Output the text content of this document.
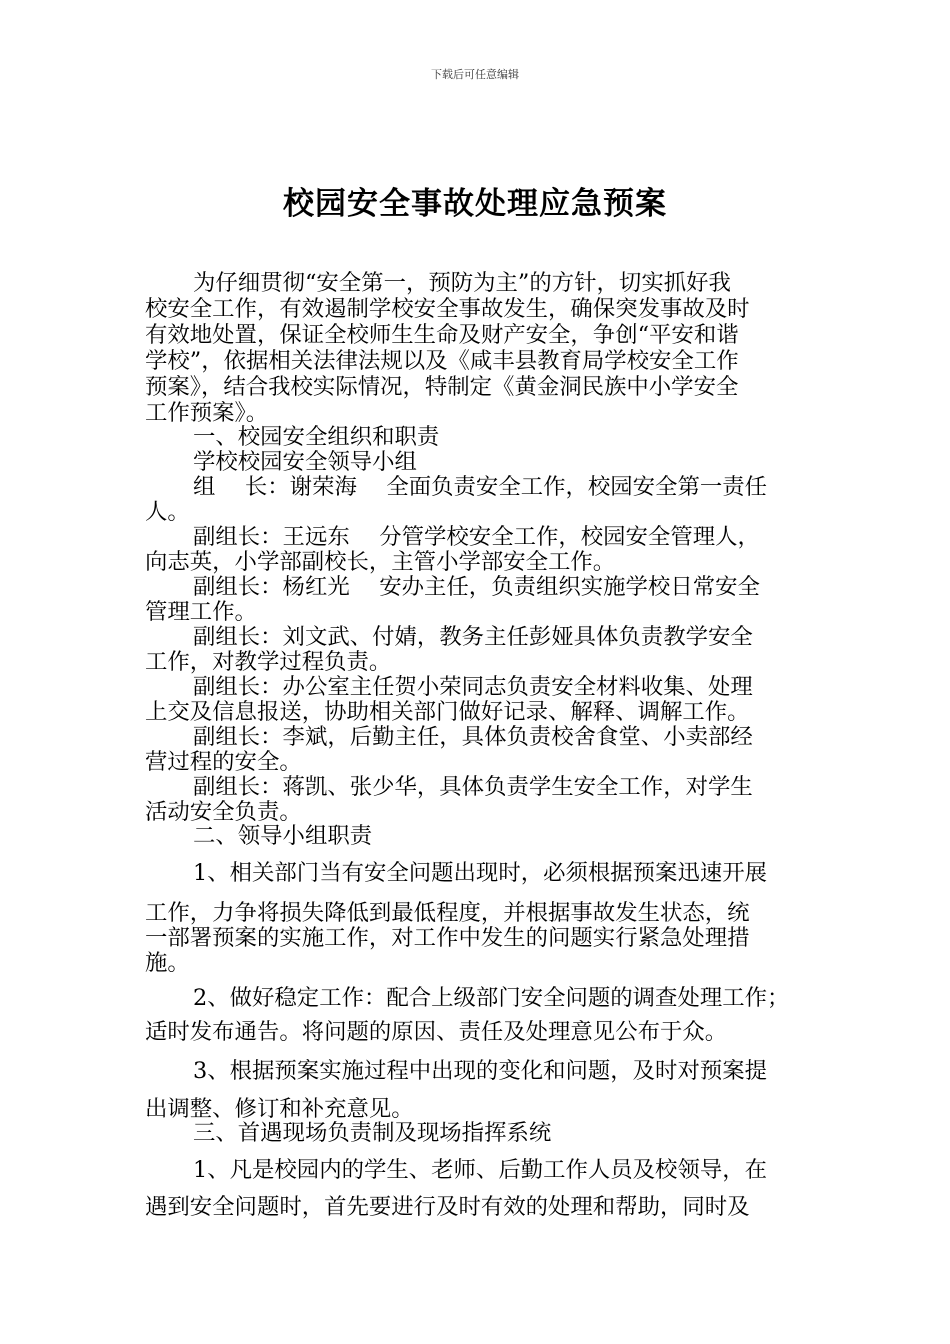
下载后可任意编辑
校园安全事故处理应急预案
为仔细贯彻“安全第一，预防为主”的方针，切实抓好我
校安全工作，有效遏制学校安全事故发生，确保突发事故及时
有效地处置，保证全校师生生命及财产安全，争创“平安和谐
学校”，依据相关法律法规以及《咸丰县教育局学校安全工作
预案》，结合我校实际情况，特制定《黄金洞民族中小学安全
工作预案》。
一、校园安全组织和职责
学校校园安全领导小组
组　 长：谢荣海　 全面负责安全工作，校园安全第一责任
人。
副组长：王远东　 分管学校安全工作，校园安全管理人，
向志英，小学部副校长，主管小学部安全工作。
副组长：杨红光　 安办主任，负责组织实施学校日常安全
管理工作。
副组长：刘文武、付婧，教务主任彭娅具体负责教学安全
工作，对教学过程负责。
副组长：办公室主任贺小荣同志负责安全材料收集、处理
上交及信息报送，协助相关部门做好记录、解释、调解工作。
副组长：李斌，后勤主任，具体负责校舍食堂、小卖部经
营过程的安全。
副组长：蒋凯、张少华，具体负责学生安全工作，对学生
活动安全负责。
二、领导小组职责
1、相关部门当有安全问题出现时，必须根据预案迅速开展
工作，力争将损失降低到最低程度，并根据事故发生状态，统
一部署预案的实施工作，对工作中发生的问题实行紧急处理措
施。
2、做好稳定工作：配合上级部门安全问题的调查处理工作；
适时发布通告。将问题的原因、责任及处理意见公布于众。
3、根据预案实施过程中出现的变化和问题，及时对预案提
出调整、修订和补充意见。
三、首遇现场负责制及现场指挥系统
1、凡是校园内的学生、老师、后勤工作人员及校领导，在
遇到安全问题时，首先要进行及时有效的处理和帮助，同时及
